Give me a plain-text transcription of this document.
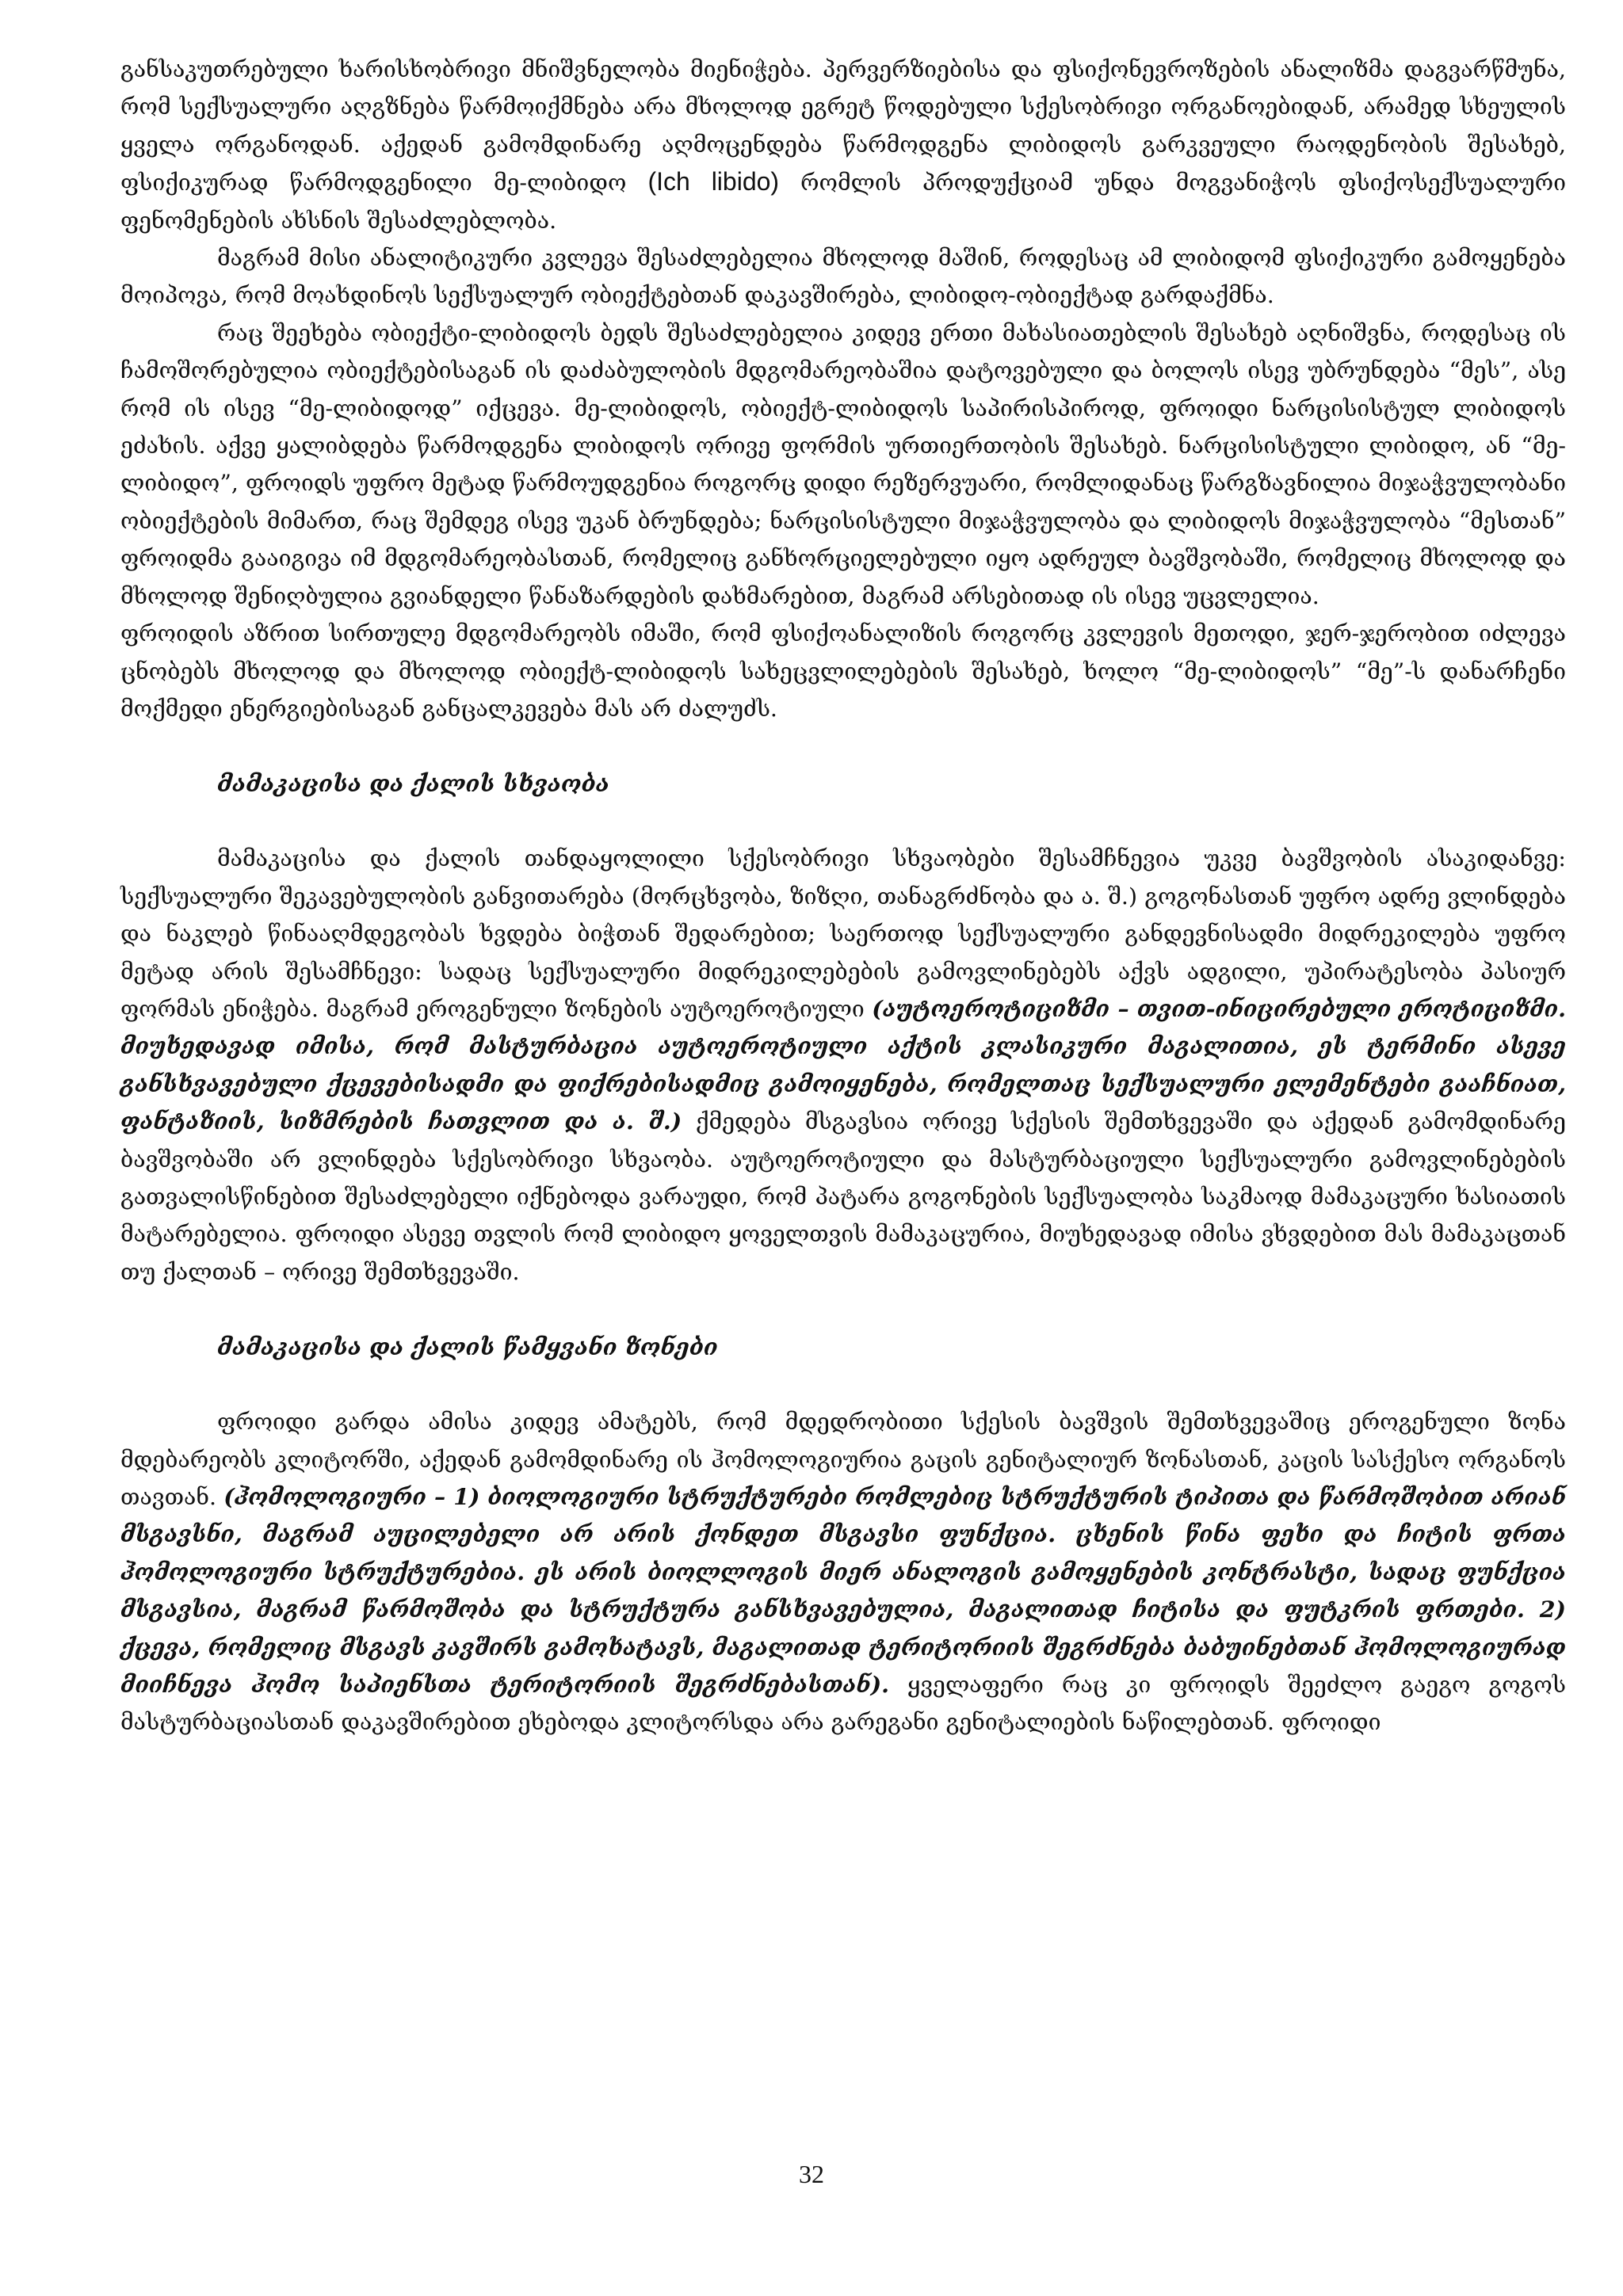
განსაკუთრებული ხარისხობრივი მნიშვნელობა მიენიჭება. პერვერზიებისა და ფსიქონევროზების ანალიზმა დაგვარწმუნა, რომ სექსუალური აღგზნება წარმოიქმნება არა მხოლოდ ეგრეტ წოდებული სქესობრივი ორგანოებიდან, არამედ სხეულის ყველა ორგანოდან. აქედან გამომდინარე აღმოცენდება წარმოდგენა ლიბიდოს გარკვეული რაოდენობის შესახებ, ფსიქიკურად წარმოდგენილი მე-ლიბიდო (Ich libido) რომლის პროდუქციამ უნდა მოგვანიჭოს ფსიქოსექსუალური ფენომენების ახსნის შესაძლებლობა.

მაგრამ მისი ანალიტიკური კვლევა შესაძლებელია მხოლოდ მაშინ, როდესაც ამ ლიბიდომ ფსიქიკური გამოყენება მოიპოვა, რომ მოახდინოს სექსუალურ ობიექტებთან დაკავშირება, ლიბიდო-ობიექტად გარდაქმნა.

რაც შეეხება ობიექტი-ლიბიდოს ბედს შესაძლებელია კიდევ ერთი მახასიათებლის შესახებ აღნიშვნა, როდესაც ის ჩამოშორებულია ობიექტებისაგან ის დაძაბულობის მდგომარეობაშია დატოვებული და ბოლოს ისევ უბრუნდება “მეს”, ასე რომ ის ისევ “მე-ლიბიდოდ” იქცევა. მე-ლიბიდოს, ობიექტ-ლიბიდოს საპირისპიროდ, ფროიდი ნარცისისტულ ლიბიდოს ეძახის. აქვე ყალიბდება წარმოდგენა ლიბიდოს ორივე ფორმის ურთიერთობის შესახებ. ნარცისისტული ლიბიდო, ან “მე-ლიბიდო”, ფროიდს უფრო მეტად წარმოუდგენია როგორც დიდი რეზერვუარი, რომლიდანაც წარგზავნილია მიჯაჭვულობანი ობიექტების მიმართ, რაც შემდეგ ისევ უკან ბრუნდება; ნარცისისტული მიჯაჭვულობა და ლიბიდოს მიჯაჭვულობა “მესთან” ფროიდმა გააიგივა იმ მდგომარეობასთან, რომელიც განხორციელებული იყო ადრეულ ბავშვობაში, რომელიც მხოლოდ და მხოლოდ შენიღბულია გვიანდელი წანაზარდების დახმარებით, მაგრამ არსებითად ის ისევ უცვლელია.

ფროიდის აზრით სირთულე მდგომარეობს იმაში, რომ ფსიქოანალიზის როგორც კვლევის მეთოდი, ჯერ-ჯერობით იძლევა ცნობებს მხოლოდ და მხოლოდ ობიექტ-ლიბიდოს სახეცვლილებების შესახებ, ხოლო “მე-ლიბიდოს” “მე”-ს დანარჩენი მოქმედი ენერგიებისაგან განცალკევება მას არ ძალუძს.

მამაკაცისა და ქალის სხვაობა

მამაკაცისა და ქალის თანდაყოლილი სქესობრივი სხვაობები შესამჩნევია უკვე ბავშვობის ასაკიდანვე: სექსუალური შეკავებულობის განვითარება (მორცხვობა, ზიზღი, თანაგრძნობა და ა. შ.) გოგონასთან უფრო ადრე ვლინდება და ნაკლებ წინააღმდეგობას ხვდება ბიჭთან შედარებით; საერთოდ სექსუალური განდევნისადმი მიდრეკილება უფრო მეტად არის შესამჩნევი: სადაც სექსუალური მიდრეკილებების გამოვლინებებს აქვს ადგილი, უპირატესობა პასიურ ფორმას ენიჭება. მაგრამ ეროგენული ზონების აუტოეროტიული (აუტოეროტიციზმი – თვით-ინიცირებული ეროტიციზმი. მიუხედავად იმისა, რომ მასტურბაცია აუტოეროტიული აქტის კლასიკური მაგალითია, ეს ტერმინი ასევე განსხვავებული ქცევებისადმი და ფიქრებისადმიც გამოიყენება, რომელთაც სექსუალური ელემენტები გააჩნიათ, ფანტაზიის, სიზმრების ჩათვლით და ა. შ.) ქმედება მსგავსია ორივე სქესის შემთხვევაში და აქედან გამომდინარე ბავშვობაში არ ვლინდება სქესობრივი სხვაობა. აუტოეროტიული და მასტურბაციული სექსუალური გამოვლინებების გათვალისწინებით შესაძლებელი იქნებოდა ვარაუდი, რომ პატარა გოგონების სექსუალობა საკმაოდ მამაკაცური ხასიათის მატარებელია. ფროიდი ასევე თვლის რომ ლიბიდო ყოველთვის მამაკაცურია, მიუხედავად იმისა ვხვდებით მას მამაკაცთან თუ ქალთან – ორივე შემთხვევაში.

მამაკაცისა და ქალის წამყვანი ზონები

ფროიდი გარდა ამისა კიდევ ამატებს, რომ მდედრობითი სქესის ბავშვის შემთხვევაშიც ეროგენული ზონა მდებარეობს კლიტორში, აქედან გამომდინარე ის ჰომოლოგიურია გაცის გენიტალიურ ზონასთან, კაცის სასქესო ორგანოს თავთან. (ჰომოლოგიური – 1) ბიოლოგიური სტრუქტურები რომლებიც სტრუქტურის ტიპითა და წარმოშობით არიან მსგავსნი, მაგრამ აუცილებელი არ არის ქონდეთ მსგავსი ფუნქცია. ცხენის წინა ფეხი და ჩიტის ფრთა ჰომოლოგიური სტრუქტურებია. ეს არის ბიოლლოგის მიერ ანალოგის გამოყენების კონტრასტი, სადაც ფუნქცია მსგავსია, მაგრამ წარმოშობა და სტრუქტურა განსხვავებულია, მაგალითად ჩიტისა და ფუტკრის ფრთები. 2) ქცევა, რომელიც მსგავს კავშირს გამოხატავს, მაგალითად ტერიტორიის შეგრძნება ბაბუინებთან ჰომოლოგიურად მიიჩნევა ჰომო საპიენსთა ტერიტორიის შეგრძნებასთან). ყველაფერი რაც კი ფროიდს შეეძლო გაეგო გოგოს მასტურბაციასთან დაკავშირებით ეხებოდა კლიტორსდა არა გარეგანი გენიტალიების ნაწილებთან. ფროიდი

32
